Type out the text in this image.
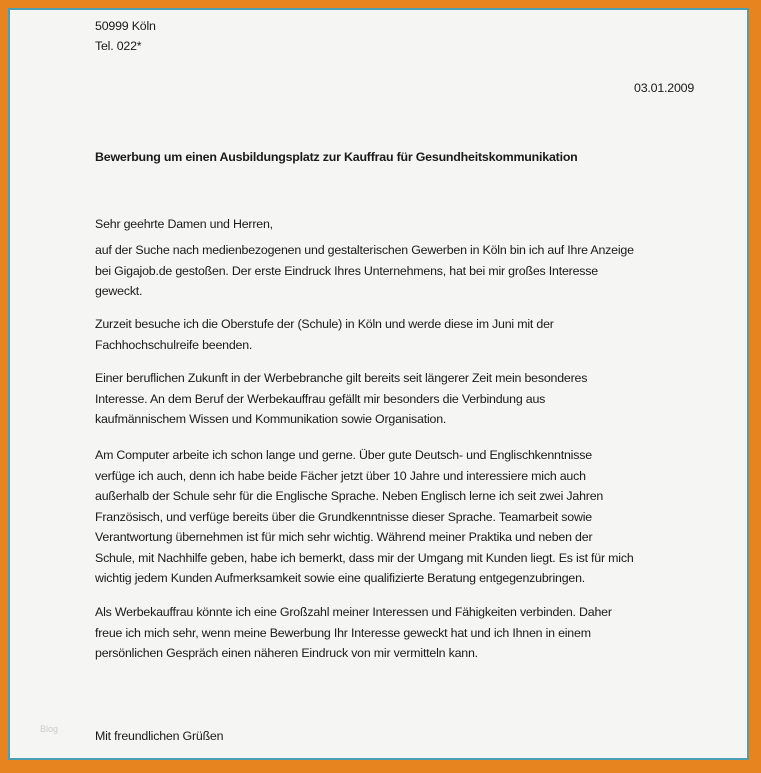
50999 Köln
Tel. 022*
03.01.2009
Bewerbung um einen Ausbildungsplatz zur Kauffrau für Gesundheitskommunikation
Sehr geehrte Damen und Herren,
auf der Suche nach medienbezogenen und gestalterischen Gewerben in Köln bin ich auf Ihre Anzeige
bei Gigajob.de gestoßen. Der erste Eindruck Ihres Unternehmens, hat bei mir großes Interesse
geweckt.
Zurzeit besuche ich die Oberstufe der (Schule) in Köln und werde diese im Juni mit der
Fachhochschulreife beenden.
Einer beruflichen Zukunft in der Werbebranche gilt bereits seit längerer Zeit mein besonderes
Interesse. An dem Beruf der Werbekauffrau gefällt mir besonders die Verbindung aus
kaufmännischem Wissen und Kommunikation sowie Organisation.
Am Computer arbeite ich schon lange und gerne. Über gute Deutsch- und Englischkenntnisse
verfüge ich auch, denn ich habe beide Fächer jetzt über 10 Jahre und interessiere mich auch
außerhalb der Schule sehr für die Englische Sprache. Neben Englisch lerne ich seit zwei Jahren
Französisch, und verfüge bereits über die Grundkenntnisse dieser Sprache. Teamarbeit sowie
Verantwortung übernehmen ist für mich sehr wichtig. Während meiner Praktika und neben der
Schule, mit Nachhilfe geben, habe ich bemerkt, dass mir der Umgang mit Kunden liegt. Es ist für mich
wichtig jedem Kunden Aufmerksamkeit sowie eine qualifizierte Beratung entgegenzubringen.
Als Werbekauffrau könnte ich eine Großzahl meiner Interessen und Fähigkeiten verbinden. Daher
freue ich mich sehr, wenn meine Bewerbung Ihr Interesse geweckt hat und ich Ihnen in einem
persönlichen Gespräch einen näheren Eindruck von mir vermitteln kann.
Blog	Mit freundlichen Grüßen
